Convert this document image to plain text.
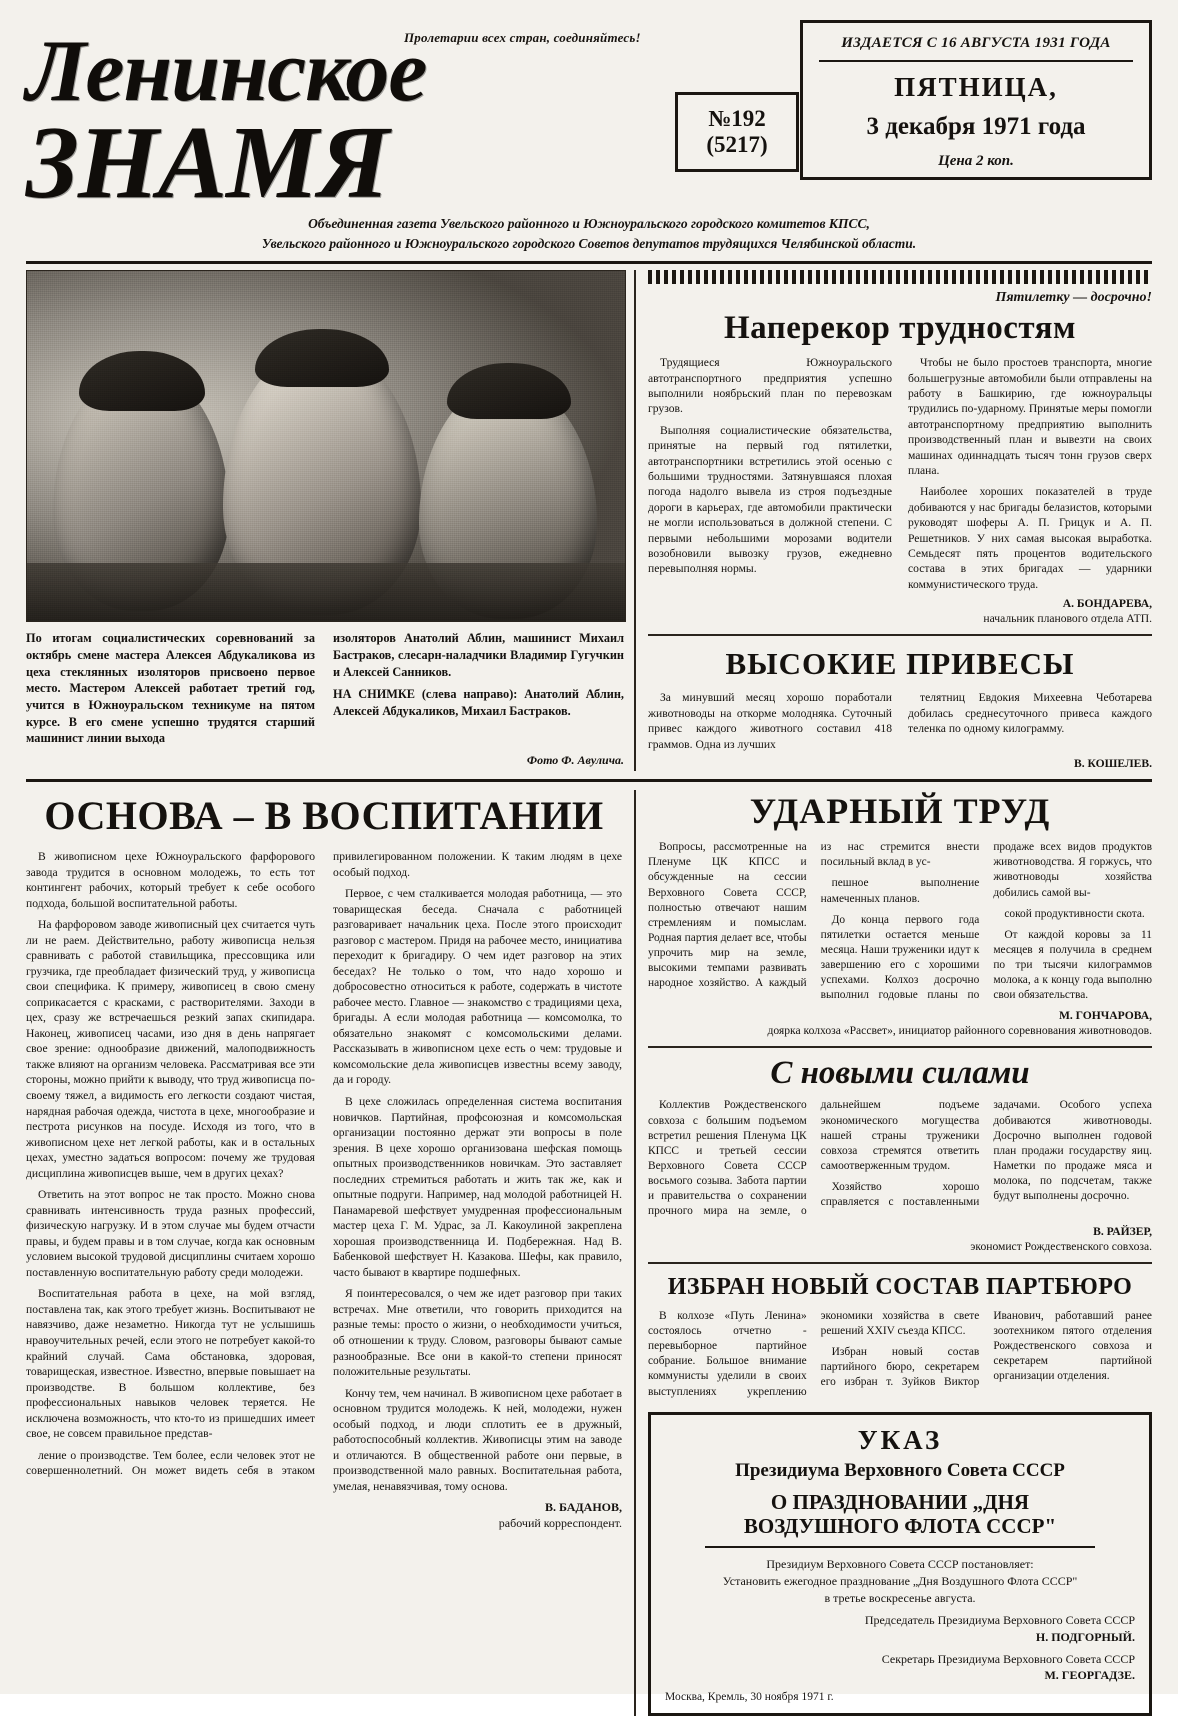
Пролетарии всех стран, соединяйтесь!
Ленинское
ЗНАМЯ	№192
(5217)
ИЗДАЕТСЯ С 16 АВГУСТА 1931 ГОДА
ПЯТНИЦА,
3 декабря 1971 года
Цена 2 коп.
Объединенная газета Увельского районного и Южноуральского городского комитетов КПСС,
Увельского районного и Южноуральского городского Советов депутатов трудящихся Челябинской области.
По итогам социалистических соревнований за октябрь смене мастера Алексея Абдукаликова из цеха стеклянных изоляторов присвоено первое место. Мастером Алексей работает третий год, учится в Южноуральском техникуме на пятом курсе. В его смене успешно трудятся старший машинист линии выхода
изоляторов Анатолий Аблин, машинист Михаил Бастраков, слесарн-наладчики Владимир Гугучкин и Алексей Санников.
НА СНИМКЕ (слева направо): Анатолий Аблин, Алексей Абдукаликов, Михаил Бастраков.
Фото Ф. Авулича.
Пятилетку — досрочно!
Наперекор трудностям

Трудящиеся Южноуральского автотранспортного предприятия успешно выполнили ноябрьский план по перевозкам грузов.

Выполняя социалистические обязательства, принятые на первый год пятилетки, автотранспортники встретились этой осенью с большими трудностями. Затянувшаяся плохая погода надолго вывела из строя подъездные дороги в карьерах, где автомобили практически не могли использоваться в должной степени. С первыми небольшими морозами водители возобновили вывозку грузов, ежедневно перевыполняя нормы.

Чтобы не было простоев транспорта, многие большегрузные автомобили были отправлены на работу в Башкирию, где южноуральцы трудились по-ударному. Принятые меры помогли автотранспортному предприятию выполнить производственный план и вывезти на своих машинах одиннадцать тысяч тонн грузов сверх плана.

Наиболее хороших показателей в труде добиваются у нас бригады белазистов, которыми руководят шоферы А. П. Грицук и А. П. Решетников. У них самая высокая выработка. Семьдесят пять процентов водительского состава в этих бригадах — ударники коммунистического труда.

А. БОНДАРЕВА,
начальник планового отдела АТП.
ВЫСОКИЕ ПРИВЕСЫ

За минувший месяц хорошо поработали животноводы на откорме молодняка. Суточный привес каждого животного составил 418 граммов. Одна из лучших

телятниц Евдокия Михеевна Чеботарева добилась среднесуточного привеса каждого теленка по одному килограмму.

В. КОШЕЛЕВ.
ОСНОВА – В ВОСПИТАНИИ

В живописном цехе Южноуральского фарфорового завода трудится в основном молодежь, то есть тот контингент рабочих, который требует к себе особого подхода, большой воспитательной работы.

На фарфоровом заводе живописный цех считается чуть ли не раем. Действительно, работу живописца нельзя сравнивать с работой ставильщика, прессовщика или грузчика, где преобладает физический труд, у живописца свои специфика. К примеру, живописец в свою смену соприкасается с красками, с растворителями. Заходи в цех, сразу же встречаешься резкий запах скипидара. Наконец, живописец часами, изо дня в день напрягает свое зрение: однообразие движений, малоподвижность также влияют на организм человека. Рассматривая все эти стороны, можно прийти к выводу, что труд живописца по-своему тяжел, а видимость его легкости создают чистая, нарядная рабочая одежда, чистота в цехе, многообразие и пестрота рисунков на посуде. Исходя из того, что в живописном цехе нет легкой работы, как и в остальных цехах, уместно задаться вопросом: почему же трудовая дисциплина живописцев выше, чем в других цехах?

Ответить на этот вопрос не так просто. Можно снова сравнивать интенсивность труда разных профессий, физическую нагрузку. И в этом случае мы будем отчасти правы, и будем правы и в том случае, когда как основным условием высокой трудовой дисциплины считаем хорошо поставленную воспитательную работу среди молодежи.

Воспитательная работа в цехе, на мой взгляд, поставлена так, как этого требует жизнь. Воспитывают не навязчиво, даже незаметно. Никогда тут не услышишь нравоучительных речей, если этого не потребует какой-то крайний случай. Сама обстановка, здоровая, товарищеская, известное. Известно, впервые повышает на производстве. В большом коллективе, без профессиональных навыков человек теряется. Не исключена возможность, что кто-то из пришедших имеет свое, не совсем правильное представ-

ление о производстве. Тем более, если человек этот не совершеннолетний. Он может видеть себя в этаком привилегированном положении. К таким людям в цехе особый подход.

Первое, с чем сталкивается молодая работница, — это товарищеская беседа. Сначала с работницей разговаривает начальник цеха. После этого происходит разговор с мастером. Придя на рабочее место, инициатива переходит к бригадиру. О чем идет разговор на этих беседах? Не только о том, что надо хорошо и добросовестно относиться к работе, содержать в чистоте рабочее место. Главное — знакомство с традициями цеха, бригады. А если молодая работница — комсомолка, то обязательно знакомят с комсомольскими делами. Рассказывать в живописном цехе есть о чем: трудовые и комсомольские дела живописцев известны всему заводу, да и городу.

В цехе сложилась определенная система воспитания новичков. Партийная, профсоюзная и комсомольская организации постоянно держат эти вопросы в поле зрения. В цехе хорошо организована шефская помощь опытных производственников новичкам. Это заставляет последних стремиться работать и жить так же, как и опытные подруги. Например, над молодой работницей Н. Панамаревой шефствует умудренная профессиональным мастер цеха Г. М. Удрас, за Л. Какоулиной закреплена хорошая производственница И. Подбережная. Над В. Бабенковой шефствует Н. Казакова. Шефы, как правило, часто бывают в квартире подшефных.

Я поинтересовался, о чем же идет разговор при таких встречах. Мне ответили, что говорить приходится на разные темы: просто о жизни, о необходимости учиться, об отношении к труду. Словом, разговоры бывают самые разнообразные. Все они в какой-то степени приносят положительные результаты.

Кончу тем, чем начинал. В живописном цехе работает в основном трудится молодежь. К ней, молодежи, нужен особый подход, и люди сплотить ее в дружный, работоспособный коллектив. Живописцы этим на заводе и отличаются. В общественной работе они первые, в производственной мало равных. Воспитательная работа, умелая, ненавязчивая, тому основа.

В. БАДАНОВ,
рабочий корреспондент.
УДАРНЫЙ ТРУД

Вопросы, рассмотренные на Пленуме ЦК КПСС и обсужденные на сессии Верховного Совета СССР, полностью отвечают нашим стремлениям и помыслам. Родная партия делает все, чтобы упрочить мир на земле, высокими темпами развивать народное хозяйство. А каждый из нас стремится внести посильный вклад в ус-

пешное выполнение намеченных планов.

До конца первого года пятилетки остается меньше месяца. Наши труженики идут к завершению его с хорошими успехами. Колхоз досрочно выполнил годовые планы по продаже всех видов продуктов животноводства. Я горжусь, что животноводы хозяйства добились самой вы-

сокой продуктивности скота.

От каждой коровы за 11 месяцев я получила в среднем по три тысячи килограммов молока, а к концу года выполню свои обязательства.

М. ГОНЧАРОВА,
доярка колхоза «Рассвет», инициатор районного соревнования животноводов.
С новыми силами

Коллектив Рождественского совхоза с большим подъемом встретил решения Пленума ЦК КПСС и третьей сессии Верховного Совета СССР восьмого созыва. Забота партии и правительства о сохранении прочного мира на земле, о дальнейшем подъеме экономического могущества нашей страны труженики совхоза стремятся ответить самоотверженным трудом.

Хозяйство хорошо справляется с поставленными задачами. Особого успеха добиваются животноводы. Досрочно выполнен годовой план продажи государству яиц. Наметки по продаже мяса и молока, по подсчетам, также будут выполнены досрочно.

В. РАЙЗЕР,
экономист Рождественского совхоза.
ИЗБРАН НОВЫЙ СОСТАВ ПАРТБЮРО

В колхозе «Путь Ленина» состоялось отчетно - перевыборное партийное собрание. Большое внимание коммунисты уделили в своих выступлениях укреплению экономики хозяйства в свете решений XXIV съезда КПСС.

Избран новый состав партийного бюро, секретарем его избран т. Зуйков Виктор Иванович, работавший ранее зоотехником пятого отделения Рождественского совхоза и секретарем партийной организации отделения.

УКАЗ
Президиума Верховного Совета СССР
О ПРАЗДНОВАНИИ „ДНЯ
ВОЗДУШНОГО ФЛОТА СССР"
Президиум Верховного Совета СССР постановляет:
Установить ежегодное празднование „Дня Воздушного Флота СССР"
в третье воскресенье августа.
Председатель Президиума Верховного Совета СССР
Н. ПОДГОРНЫЙ.
Секретарь Президиума Верховного Совета СССР
М. ГЕОРГАДЗЕ.
Москва, Кремль, 30 ноября 1971 г.
